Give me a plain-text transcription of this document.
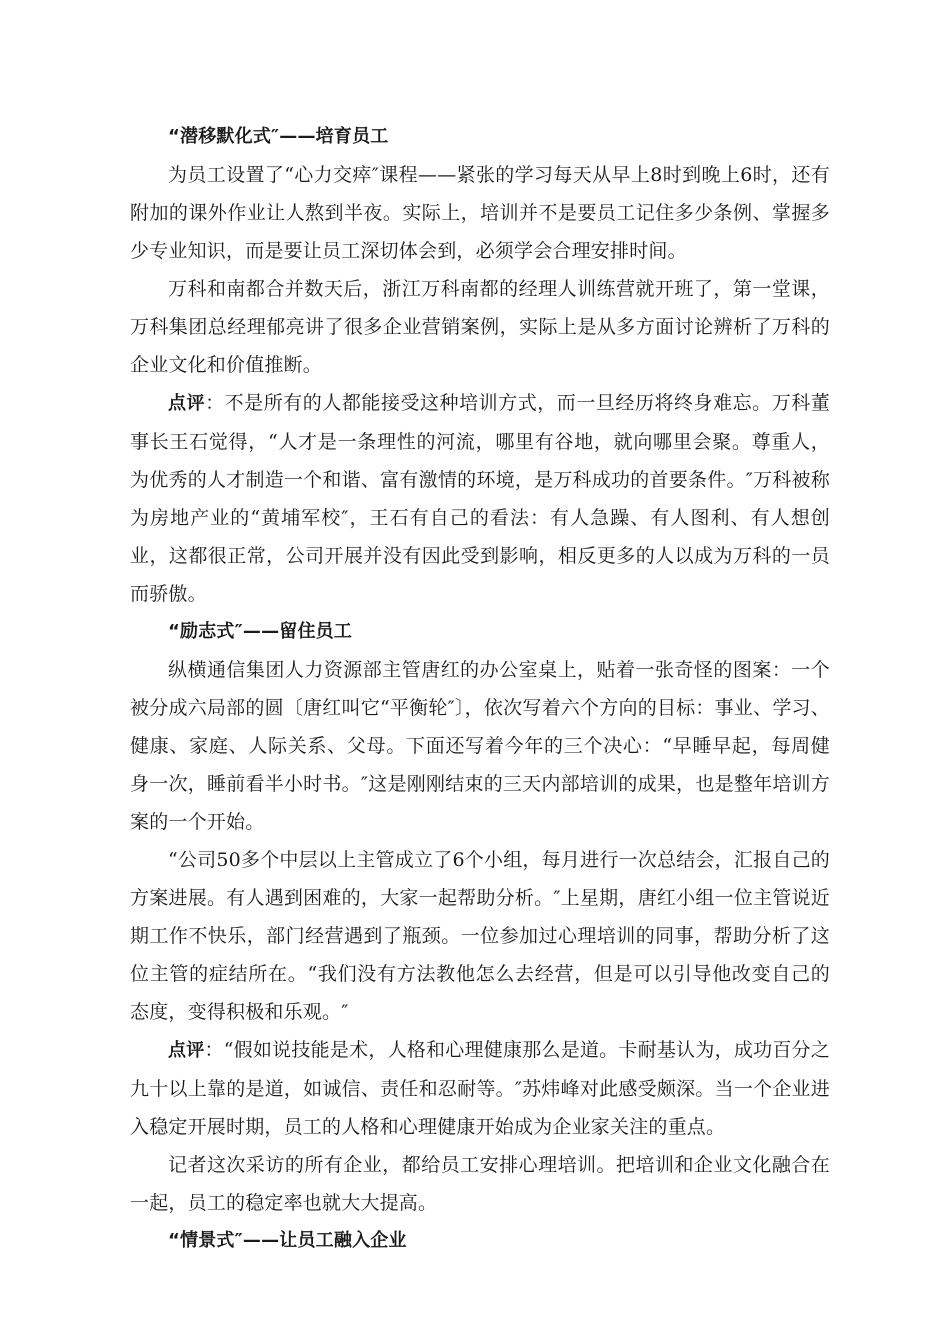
“潜移默化式″——培育员工

为员工设置了“心力交瘁″课程——紧张的学习每天从早上8时到晚上6时，还有附加的课外作业让人熬到半夜。实际上，培训并不是要员工记住多少条例、掌握多少专业知识，而是要让员工深切体会到，必须学会合理安排时间。

万科和南都合并数天后，浙江万科南都的经理人训练营就开班了，第一堂课，万科集团总经理郁亮讲了很多企业营销案例，实际上是从多方面讨论辨析了万科的企业文化和价值推断。

点评：不是所有的人都能接受这种培训方式，而一旦经历将终身难忘。万科董事长王石觉得，“人才是一条理性的河流，哪里有谷地，就向哪里会聚。尊重人，为优秀的人才制造一个和谐、富有激情的环境，是万科成功的首要条件。″万科被称为房地产业的“黄埔军校″，王石有自己的看法：有人急躁、有人图利、有人想创业，这都很正常，公司开展并没有因此受到影响，相反更多的人以成为万科的一员而骄傲。

“励志式″——留住员工

纵横通信集团人力资源部主管唐红的办公室桌上，贴着一张奇怪的图案：一个被分成六局部的圆〔唐红叫它“平衡轮″〕，依次写着六个方向的目标：事业、学习、健康、家庭、人际关系、父母。下面还写着今年的三个决心：“早睡早起，每周健身一次，睡前看半小时书。″这是刚刚结束的三天内部培训的成果，也是整年培训方案的一个开始。

“公司50多个中层以上主管成立了6个小组，每月进行一次总结会，汇报自己的方案进展。有人遇到困难的，大家一起帮助分析。″上星期，唐红小组一位主管说近期工作不快乐，部门经营遇到了瓶颈。一位参加过心理培训的同事，帮助分析了这位主管的症结所在。“我们没有方法教他怎么去经营，但是可以引导他改变自己的态度，变得积极和乐观。″

点评：“假如说技能是术，人格和心理健康那么是道。卡耐基认为，成功百分之九十以上靠的是道，如诚信、责任和忍耐等。″苏炜峰对此感受颇深。当一个企业进入稳定开展时期，员工的人格和心理健康开始成为企业家关注的重点。

记者这次采访的所有企业，都给员工安排心理培训。把培训和企业文化融合在一起，员工的稳定率也就大大提高。

“情景式″——让员工融入企业
